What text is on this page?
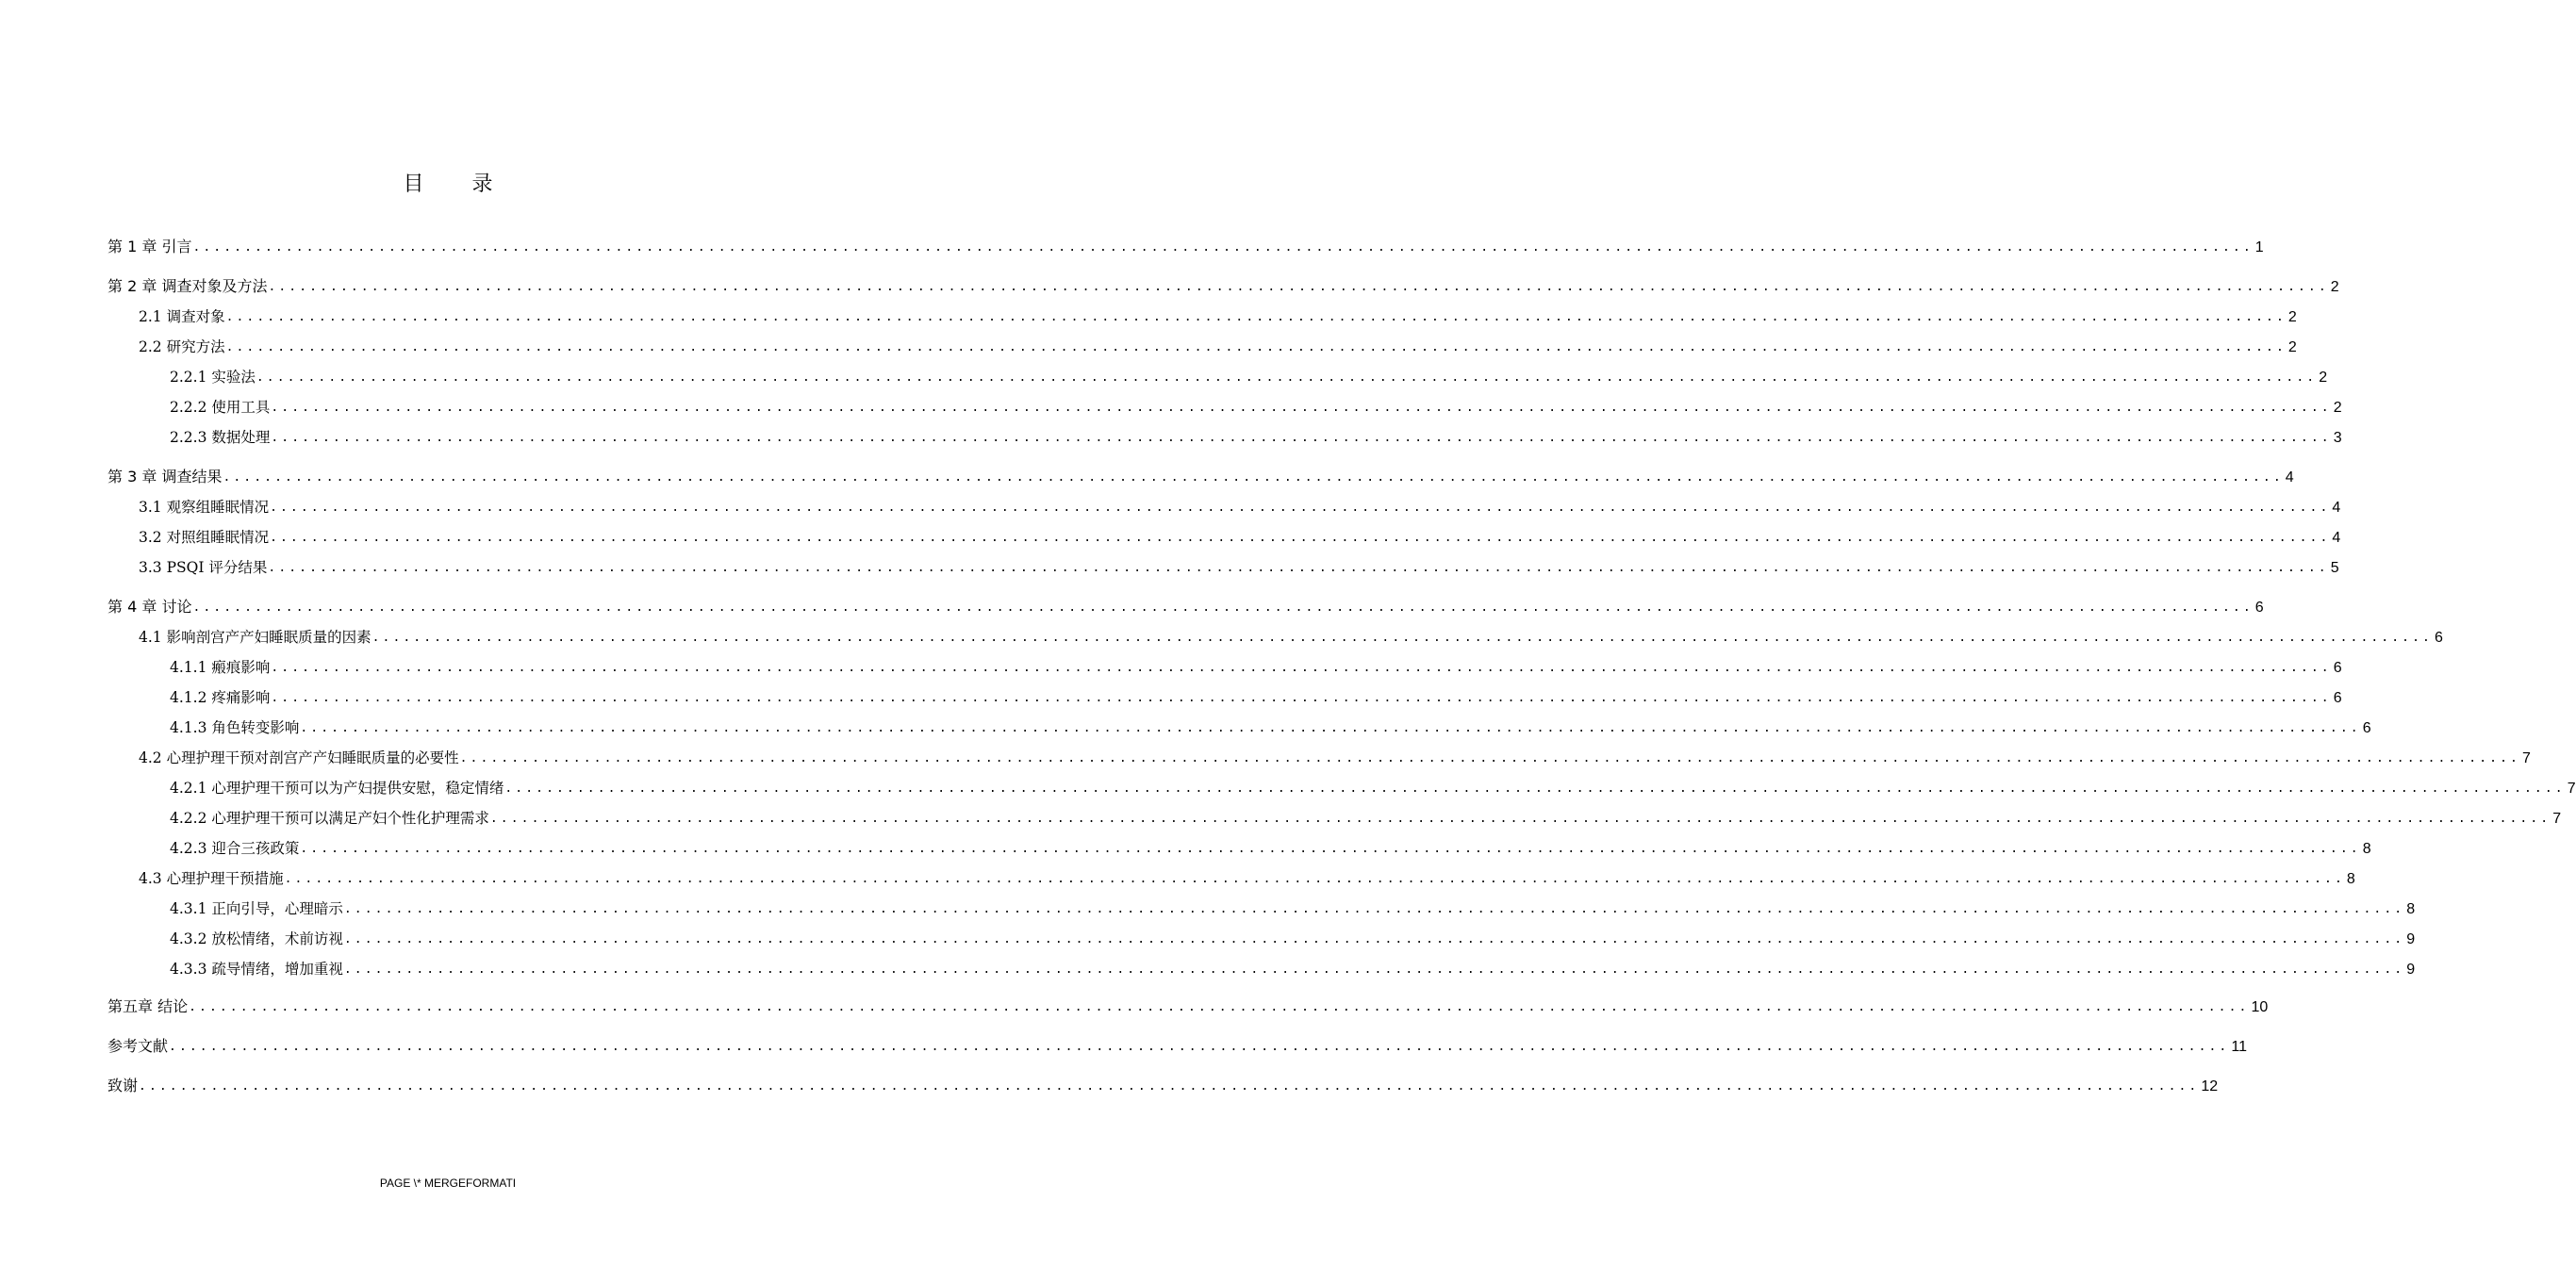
目 录
第 1 章 引言 ........................................................................................................................................................................................................ 1
第 2 章 调查对象及方法 ........................................................................................................................................................................................................ 2
2.1 调查对象 ........................................................................................................................................................................................................ 2
2.2 研究方法 ........................................................................................................................................................................................................ 2
2.2.1 实验法 ........................................................................................................................................................................................................ 2
2.2.2 使用工具 ........................................................................................................................................................................................................ 2
2.2.3 数据处理 ........................................................................................................................................................................................................ 3
第 3 章 调查结果 ........................................................................................................................................................................................................ 4
3.1 观察组睡眠情况 ........................................................................................................................................................................................................ 4
3.2 对照组睡眠情况 ........................................................................................................................................................................................................ 4
3.3 PSQI 评分结果 ........................................................................................................................................................................................................ 5
第 4 章 讨论 ........................................................................................................................................................................................................ 6
4.1 影响剖宫产产妇睡眠质量的因素 ........................................................................................................................................................................................................ 6
4.1.1 瘢痕影响 ........................................................................................................................................................................................................ 6
4.1.2 疼痛影响 ........................................................................................................................................................................................................ 6
4.1.3 角色转变影响 ........................................................................................................................................................................................................ 6
4.2 心理护理干预对剖宫产产妇睡眠质量的必要性 ........................................................................................................................................................................................................ 7
4.2.1 心理护理干预可以为产妇提供安慰，稳定情绪 ........................................................................................................................................................................................................ 7
4.2.2 心理护理干预可以满足产妇个性化护理需求 ........................................................................................................................................................................................................ 7
4.2.3 迎合三孩政策 ........................................................................................................................................................................................................ 8
4.3 心理护理干预措施 ........................................................................................................................................................................................................ 8
4.3.1 正向引导，心理暗示 ........................................................................................................................................................................................................ 8
4.3.2 放松情绪，术前访视 ........................................................................................................................................................................................................ 9
4.3.3 疏导情绪，增加重视 ........................................................................................................................................................................................................ 9
第五章 结论 ........................................................................................................................................................................................................ 10
参考文献 ........................................................................................................................................................................................................ 11
致谢 ........................................................................................................................................................................................................ 12
PAGE \* MERGEFORMATI
